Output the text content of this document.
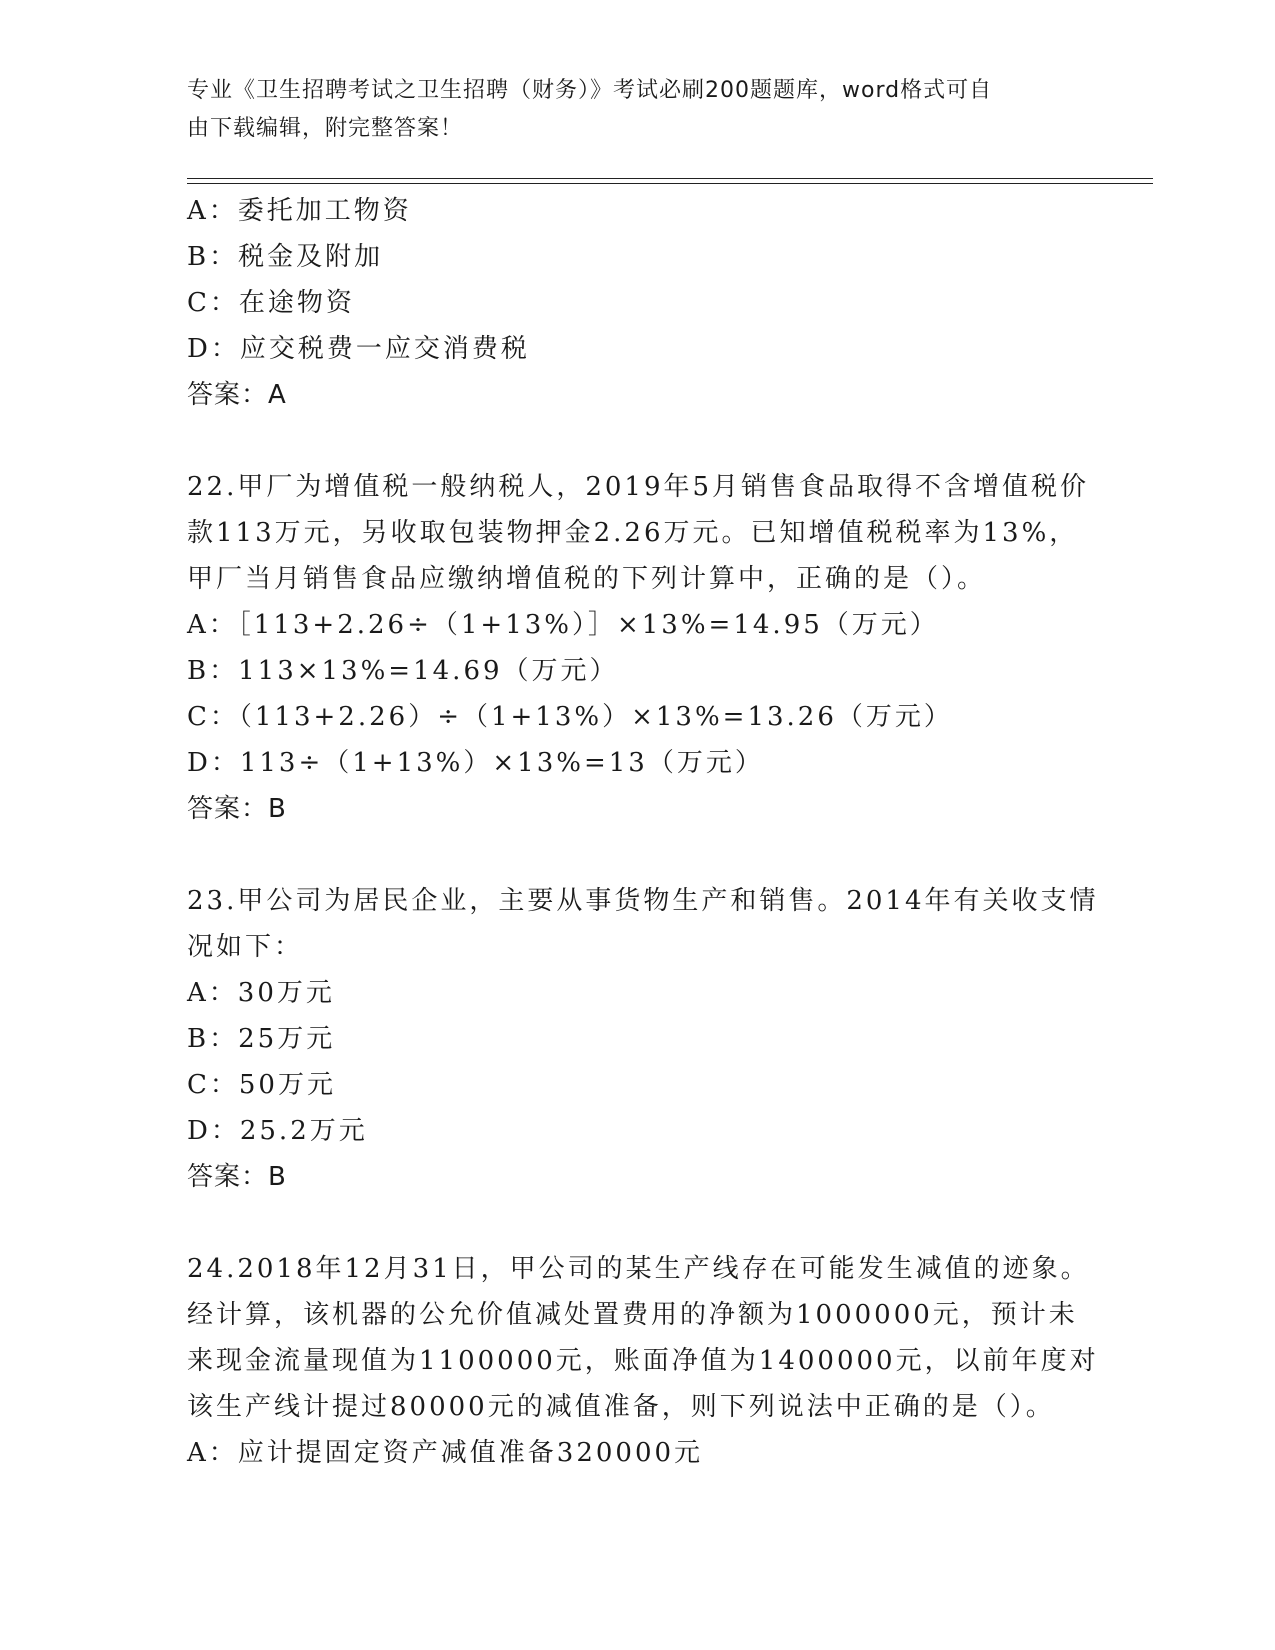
专业《卫生招聘考试之卫生招聘（财务）》考试必刷200题题库，word格式可自
由下载编辑，附完整答案！
A：委托加工物资
B：税金及附加
C：在途物资
D：应交税费一应交消费税
答案：A
22.甲厂为增值税一般纳税人，2019年5月销售食品取得不含增值税价
款113万元，另收取包装物押金2.26万元。已知增值税税率为13%，
甲厂当月销售食品应缴纳增值税的下列计算中，正确的是（）。
A：［113+2.26÷（1+13%）］×13%=14.95（万元）
B：113×13%=14.69（万元）
C：（113+2.26）÷（1+13%）×13%=13.26（万元）
D：113÷（1+13%）×13%=13（万元）
答案：B
23.甲公司为居民企业，主要从事货物生产和销售。2014年有关收支情
况如下：
A：30万元
B：25万元
C：50万元
D：25.2万元
答案：B
24.2018年12月31日，甲公司的某生产线存在可能发生减值的迹象。
经计算，该机器的公允价值减处置费用的净额为1000000元，预计未
来现金流量现值为1100000元，账面净值为1400000元，以前年度对
该生产线计提过80000元的减值准备，则下列说法中正确的是（）。
A：应计提固定资产减值准备320000元
